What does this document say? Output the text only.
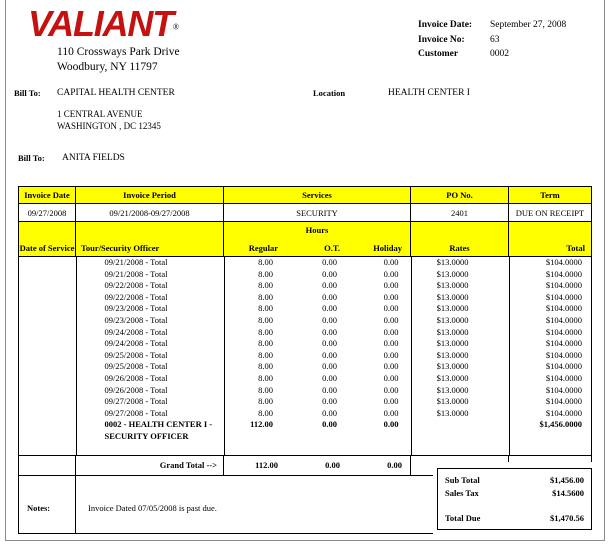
VALIANT®
110 Crossways Park Drive
Woodbury, NY 11797
Invoice Date:	September 27, 2008
Invoice No:	63
Customer	0002
Bill To: CAPITAL HEALTH CENTER	Location	HEALTH CENTER I
1 CENTRAL AVENUE
WASHINGTON , DC 12345
Bill To: ANITA FIELDS
Invoice Date	Invoice Period	Services	PO No.	Term
09/27/2008	09/21/2008-09/27/2008	SECURITY	2401	DUE ON RECEIPT
Date of Service	Tour/Security Officer	
Hours
Regular	O.T.	Holiday	Rates	Total

	09/21/2008 - Total	8.00	0.00	0.00	$13.0000	$104.0000
	09/21/2008 - Total	8.00	0.00	0.00	$13.0000	$104.0000
	09/22/2008 - Total	8.00	0.00	0.00	$13.0000	$104.0000
	09/22/2008 - Total	8.00	0.00	0.00	$13.0000	$104.0000
	09/23/2008 - Total	8.00	0.00	0.00	$13.0000	$104.0000
	09/23/2008 - Total	8.00	0.00	0.00	$13.0000	$104.0000
	09/24/2008 - Total	8.00	0.00	0.00	$13.0000	$104.0000
	09/24/2008 - Total	8.00	0.00	0.00	$13.0000	$104.0000
	09/25/2008 - Total	8.00	0.00	0.00	$13.0000	$104.0000
	09/25/2008 - Total	8.00	0.00	0.00	$13.0000	$104.0000
	09/26/2008 - Total	8.00	0.00	0.00	$13.0000	$104.0000
	09/26/2008 - Total	8.00	0.00	0.00	$13.0000	$104.0000
	09/27/2008 - Total	8.00	0.00	0.00	$13.0000	$104.0000
	09/27/2008 - Total	8.00	0.00	0.00	$13.0000	$104.0000

0002 - HEALTH CENTER I -
SECURITY OFFICER
	112.00	0.00	0.00		$1,456.0000

	Grand Total -->	112.00	0.00	0.00

Notes:	Invoice Dated 07/05/2008 is past due.
Sub Total	$1,456.00
Sales Tax	$14.5600
Total Due	$1,470.56
